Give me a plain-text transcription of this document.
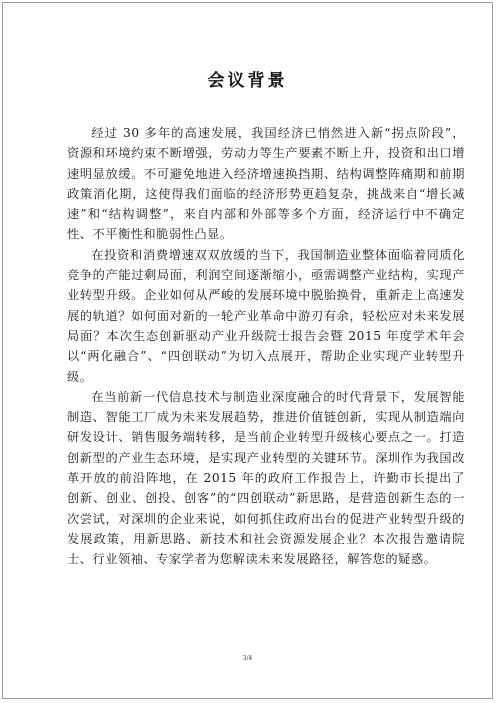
会议背景

经过 30 多年的高速发展，我国经济已悄然进入新“拐点阶段”， 资源和环境约束不断增强，劳动力等生产要素不断上升，投资和出口增速明显放缓。不可避免地进入经济增速换挡期、结构调整阵痛期和前期政策消化期，这使得我们面临的经济形势更趋复杂，挑战来自“增长减速”和“结构调整”，来自内部和外部等多个方面，经济运行中不确定性、不平衡性和脆弱性凸显。

在投资和消费增速双双放缓的当下，我国制造业整体面临着同质化竞争的产能过剩局面，利润空间逐渐缩小，亟需调整产业结构，实现产业转型升级。企业如何从严峻的发展环境中脱胎换骨，重新走上高速发展的轨道？如何面对新的一轮产业革命中游刃有余，轻松应对未来发展局面？本次生态创新驱动产业升级院士报告会暨 2015 年度学术年会以“两化融合”、“四创联动”为切入点展开，帮助企业实现产业转型升级。

在当前新一代信息技术与制造业深度融合的时代背景下，发展智能制造、智能工厂成为未来发展趋势，推进价值链创新，实现从制造端向研发设计、销售服务端转移，是当前企业转型升级核心要点之一。打造创新型的产业生态环境，是实现产业转型的关键环节。深圳作为我国改革开放的前沿阵地，在 2015 年的政府工作报告上，许勤市长提出了创新、创业、创投、创客”的“四创联动”新思路，是营造创新生态的一次尝试，对深圳的企业来说，如何抓住政府出台的促进产业转型升级的发展政策，用新思路、新技术和社会资源发展企业？本次报告邀请院士、行业领袖、专家学者为您解读未来发展路径，解答您的疑惑。

3/4
